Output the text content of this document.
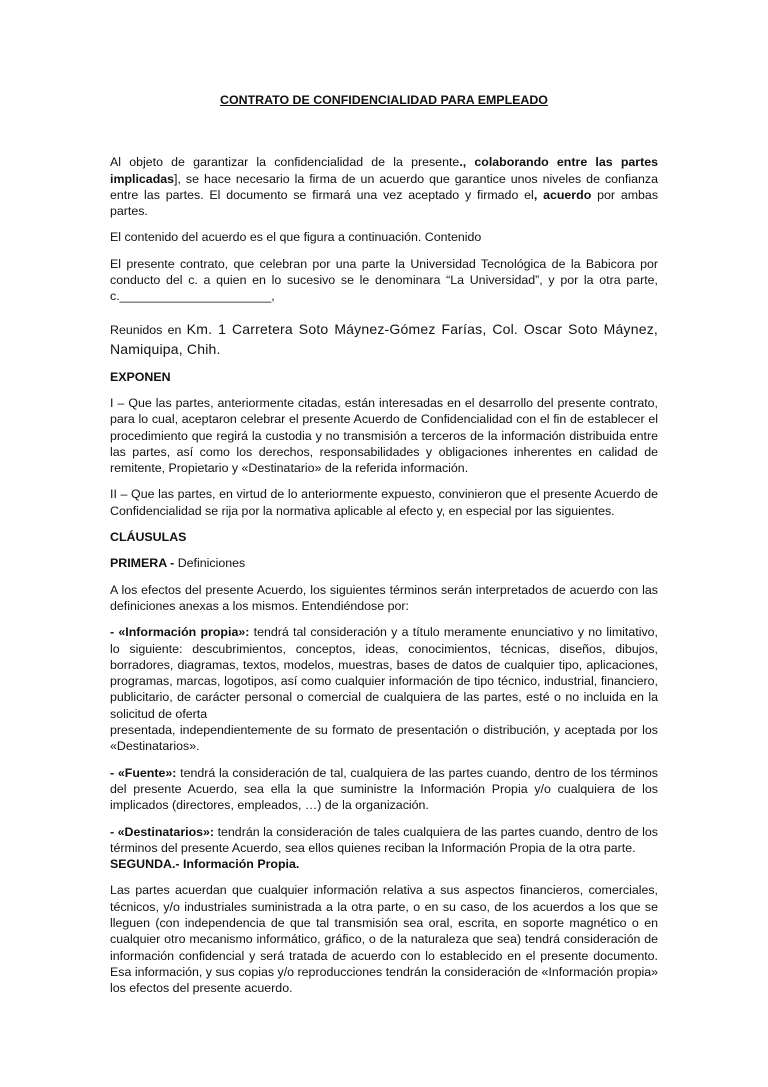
CONTRATO DE CONFIDENCIALIDAD PARA EMPLEADO

Al objeto de garantizar la confidencialidad de la presente., colaborando entre las partes implicadas], se hace necesario la firma de un acuerdo que garantice unos niveles de confianza entre las partes. El documento se firmará una vez aceptado y firmado el, acuerdo por ambas partes.

El contenido del acuerdo es el que figura a continuación. Contenido

El presente contrato, que celebran por una parte la Universidad Tecnológica de la Babicora por conducto del c. a quien en lo sucesivo se le denominara “La Universidad”, y por la otra parte, c.______________________,

Reunidos en Km. 1 Carretera Soto Máynez-Gómez Farías, Col. Oscar Soto Máynez, Namiquipa, Chih.

EXPONEN

I – Que las partes, anteriormente citadas, están interesadas en el desarrollo del presente contrato, para lo cual, aceptaron celebrar el presente Acuerdo de Confidencialidad con el fin de establecer el procedimiento que regirá la custodia y no transmisión a terceros de la información distribuida entre las partes, así como los derechos, responsabilidades y obligaciones inherentes en calidad de remitente, Propietario y «Destinatario» de la referida información.

II – Que las partes, en virtud de lo anteriormente expuesto, convinieron que el presente Acuerdo de Confidencialidad se rija por la normativa aplicable al efecto y, en especial por las siguientes.

CLÁUSULAS

PRIMERA - Definiciones

A los efectos del presente Acuerdo, los siguientes términos serán interpretados de acuerdo con las definiciones anexas a los mismos. Entendiéndose por:

- «Información propia»: tendrá tal consideración y a título meramente enunciativo y no limitativo, lo siguiente: descubrimientos, conceptos, ideas, conocimientos, técnicas, diseños, dibujos, borradores, diagramas, textos, modelos, muestras, bases de datos de cualquier tipo, aplicaciones, programas, marcas, logotipos, así como cualquier información de tipo técnico, industrial, financiero, publicitario, de carácter personal o comercial de cualquiera de las partes, esté o no incluida en la solicitud de oferta

presentada, independientemente de su formato de presentación o distribución, y aceptada por los «Destinatarios».

- «Fuente»: tendrá la consideración de tal, cualquiera de las partes cuando, dentro de los términos del presente Acuerdo, sea ella la que suministre la Información Propia y/o cualquiera de los implicados (directores, empleados, …) de la organización.

- «Destinatarios»: tendrán la consideración de tales cualquiera de las partes cuando, dentro de los términos del presente Acuerdo, sea ellos quienes reciban la Información Propia de la otra parte.

SEGUNDA.- Información Propia.

Las partes acuerdan que cualquier información relativa a sus aspectos financieros, comerciales, técnicos, y/o industriales suministrada a la otra parte, o en su caso, de los acuerdos a los que se lleguen (con independencia de que tal transmisión sea oral, escrita, en soporte magnético o en cualquier otro mecanismo informático, gráfico, o de la naturaleza que sea) tendrá consideración de información confidencial y será tratada de acuerdo con lo establecido en el presente documento. Esa información, y sus copias y/o reproducciones tendrán la consideración de «Información propia» los efectos del presente acuerdo.
